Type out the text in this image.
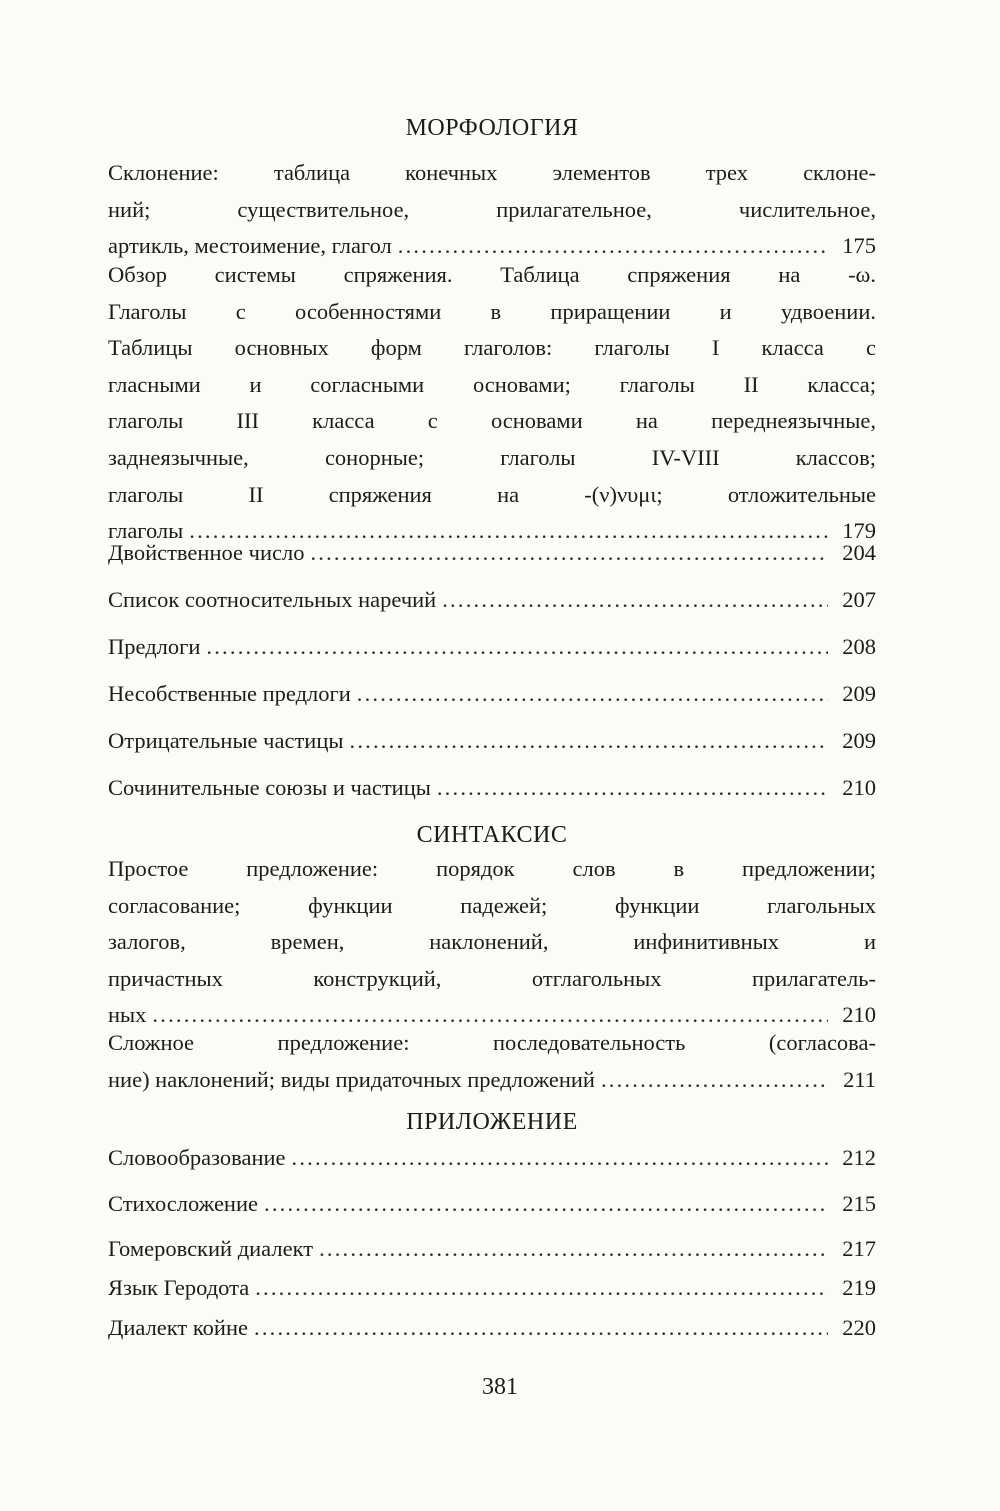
МОРФОЛОГИЯ
Склонение: таблица конечных элементов трех склоне-
ний; существительное, прилагательное, числительное,
артикль, местоимение, глагол .....	175
Обзор системы спряжения. Таблица спряжения на -ω.
Глаголы с особенностями в приращении и удвоении.
Таблицы основных форм глаголов: глаголы I класса с
гласными и согласными основами; глаголы II класса;
глаголы III класса с основами на переднеязычные,
заднеязычные, сонорные; глаголы IV-VIII классов;
глаголы II спряжения на -(ν)νυμι; отложительные
глаголы .....	179
Двойственное число .....	204
Список соотносительных наречий .....	207
Предлоги .....	208
Несобственные предлоги .....	209
Отрицательные частицы .....	209
Сочинительные союзы и частицы .....	210
СИНТАКСИС
Простое предложение: порядок слов в предложении;
согласование; функции падежей; функции глагольных
залогов, времен, наклонений, инфинитивных и
причастных конструкций, отглагольных прилагатель-
ных .....	210
Сложное предложение: последовательность (согласова-
ние) наклонений; виды придаточных предложений .....	211
ПРИЛОЖЕНИЕ
Словообразование .....	212
Стихосложение .....	215
Гомеровский диалект .....	217
Язык Геродота .....	219
Диалект койне .....	220
381
